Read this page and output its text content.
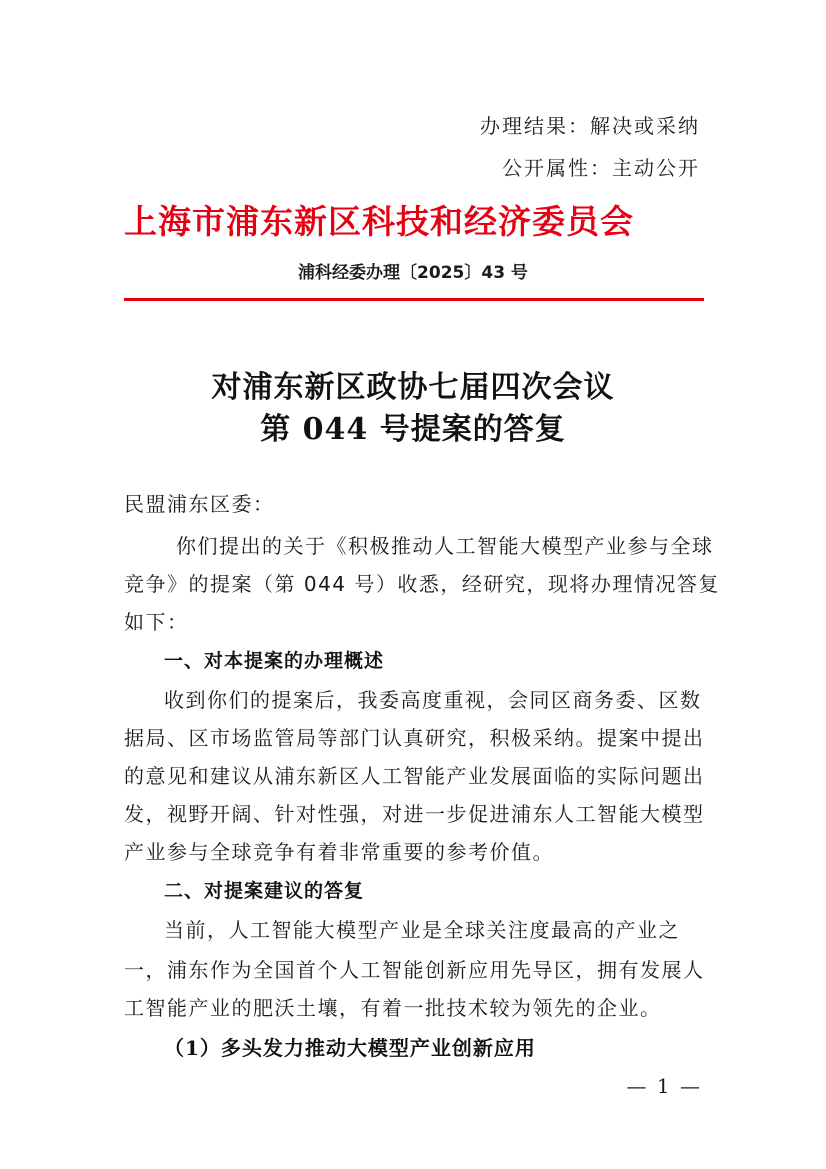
办理结果：解决或采纳
公开属性：主动公开
上海市浦东新区科技和经济委员会
浦科经委办理〔2025〕43 号
对浦东新区政协七届四次会议
第 044 号提案的答复
民盟浦东区委：
你们提出的关于《积极推动人工智能大模型产业参与全球
竞争》的提案（第 044 号）收悉，经研究，现将办理情况答复
如下：
一、对本提案的办理概述
收到你们的提案后，我委高度重视，会同区商务委、区数
据局、区市场监管局等部门认真研究，积极采纳。提案中提出
的意见和建议从浦东新区人工智能产业发展面临的实际问题出
发，视野开阔、针对性强，对进一步促进浦东人工智能大模型
产业参与全球竞争有着非常重要的参考价值。
二、对提案建议的答复
当前，人工智能大模型产业是全球关注度最高的产业之
一，浦东作为全国首个人工智能创新应用先导区，拥有发展人
工智能产业的肥沃土壤，有着一批技术较为领先的企业。
（1）多头发力推动大模型产业创新应用
— 1 —
